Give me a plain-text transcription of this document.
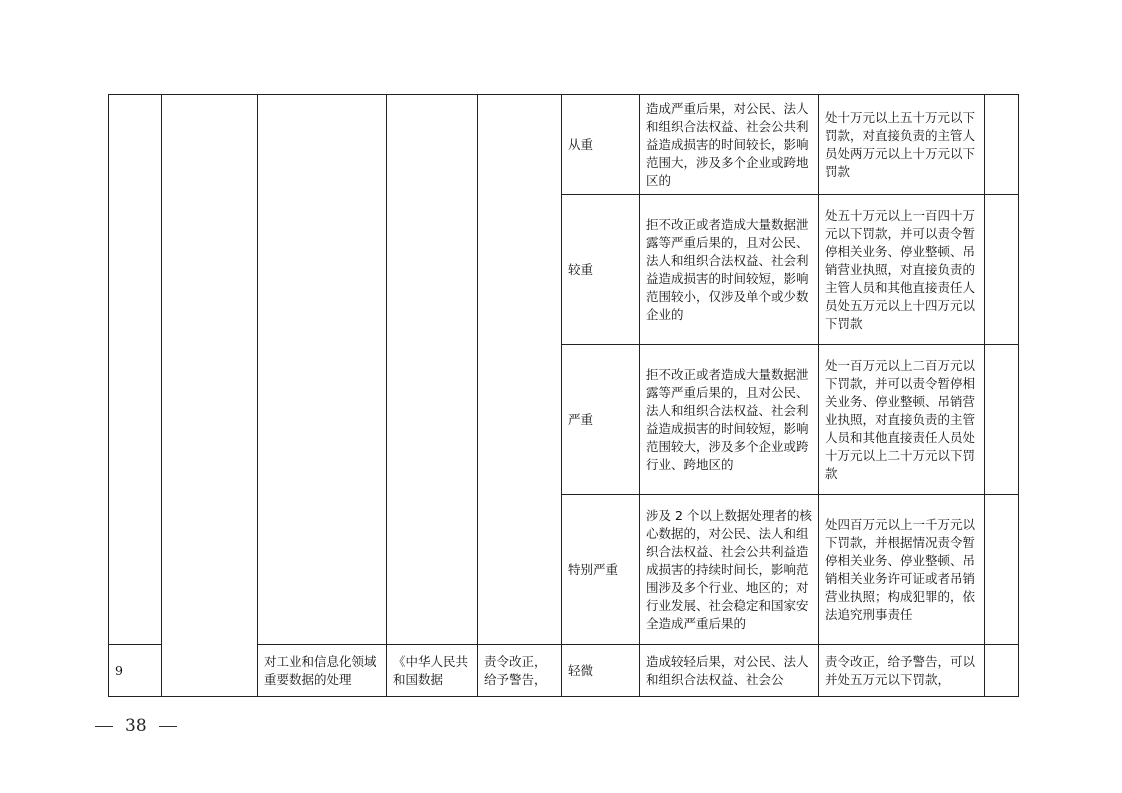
					从重	造成严重后果，对公民、法人和组织合法权益、社会公共利益造成损害的时间较长，影响范围大，涉及多个企业或跨地区的	处十万元以上五十万元以下罚款，对直接负责的主管人员处两万元以上十万元以下罚款	
					较重	拒不改正或者造成大量数据泄露等严重后果的，且对公民、法人和组织合法权益、社会利益造成损害的时间较短，影响范围较小，仅涉及单个或少数企业的	处五十万元以上一百四十万元以下罚款，并可以责令暂停相关业务、停业整顿、吊销营业执照，对直接负责的主管人员和其他直接责任人员处五万元以上十四万元以下罚款	
					严重	拒不改正或者造成大量数据泄露等严重后果的，且对公民、法人和组织合法权益、社会利益造成损害的时间较短，影响范围较大，涉及多个企业或跨行业、跨地区的	处一百万元以上二百万元以下罚款，并可以责令暂停相关业务、停业整顿、吊销营业执照，对直接负责的主管人员和其他直接责任人员处十万元以上二十万元以下罚款	
					特别严重	涉及 2 个以上数据处理者的核心数据的，对公民、法人和组织合法权益、社会公共利益造成损害的持续时间长，影响范围涉及多个行业、地区的；对行业发展、社会稳定和国家安全造成严重后果的	处四百万元以上一千万元以下罚款，并根据情况责令暂停相关业务、停业整顿、吊销相关业务许可证或者吊销营业执照；构成犯罪的，依法追究刑事责任	
9		对工业和信息化领域重要数据的处理	《中华人民共和国数据	责令改正，给予警告，	轻微	造成较轻后果，对公民、法人和组织合法权益、社会公	责令改正，给予警告，可以并处五万元以下罚款，	
38
